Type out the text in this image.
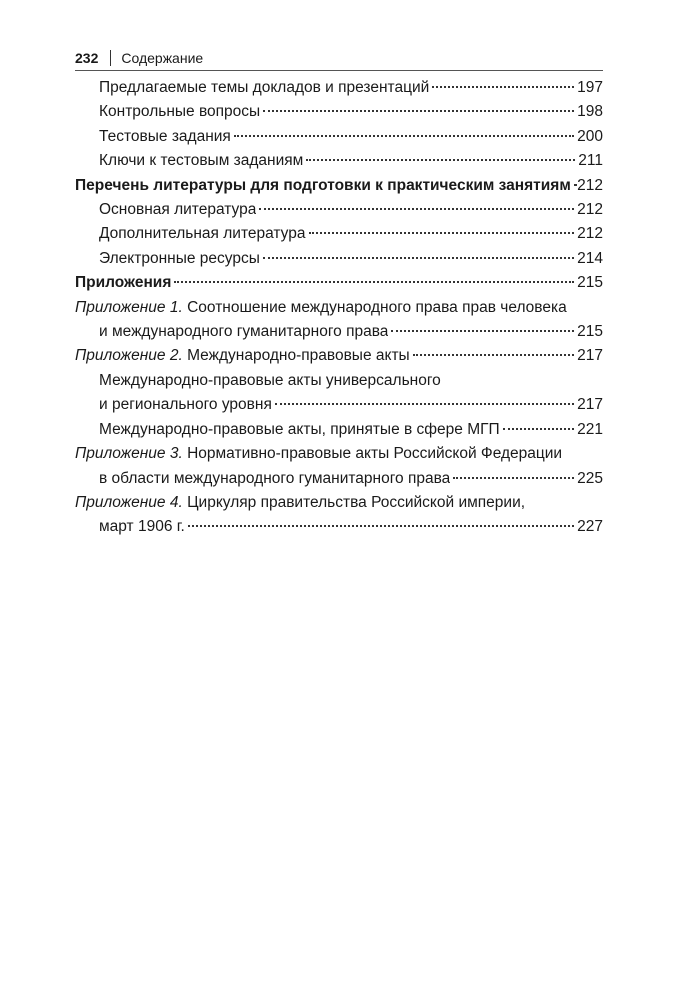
232 Содержание
Предлагаемые темы докладов и презентаций	197
Контрольные вопросы	198
Тестовые задания	200
Ключи к тестовым заданиям	211
Перечень литературы для подготовки к практическим занятиям 212
Основная литература	212
Дополнительная литература	212
Электронные ресурсы	214
Приложения	215
Приложение 1. Соотношение международного права прав человека
и международного гуманитарного права	215
Приложение 2. Международно-правовые акты	217
Международно-правовые акты универсального
и регионального уровня	217
Международно-правовые акты, принятые в сфере МГП	221
Приложение 3. Нормативно-правовые акты Российской Федерации
в области международного гуманитарного права	225
Приложение 4. Циркуляр правительства Российской империи,
март 1906 г.	227
